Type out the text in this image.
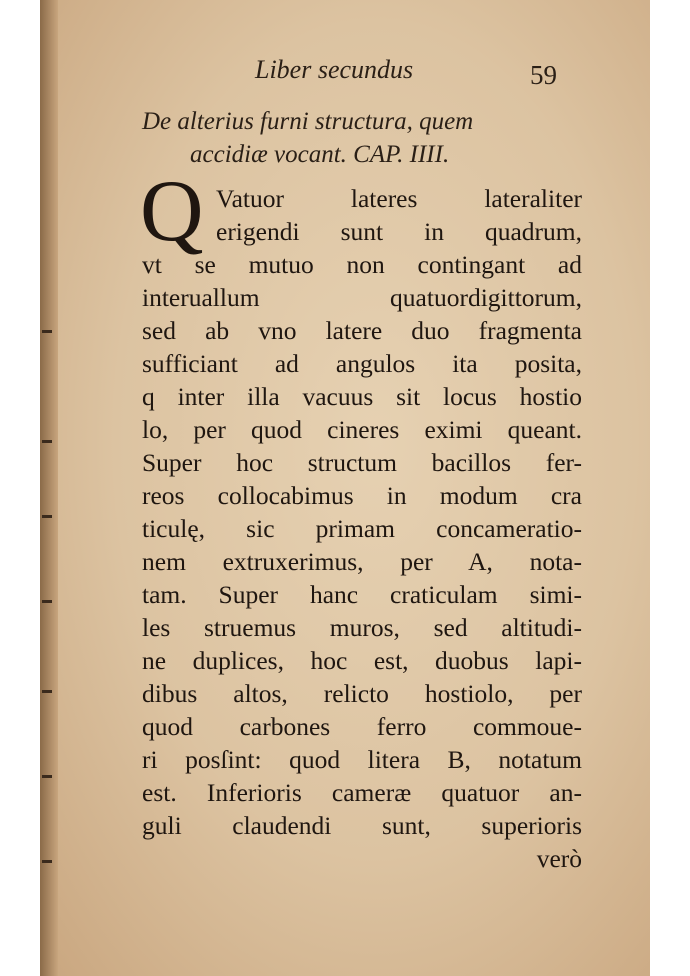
Liber secundus	59
De alterius furni structura, quem
accidiæ vocant. CAP. IIII.
Q Vatuor lateres lateraliter
erigendi sunt in quadrum,
vt se mutuo non contingant ad
interuallum quatuordigittorum,
sed ab vno latere duo fragmenta
sufficiant ad angulos ita posita,
q inter illa vacuus sit locus hostio
lo, per quod cineres eximi queant.
Super hoc structum bacillos fer-
reos collocabimus in modum cra
ticulę, sic primam concameratio-
nem extruxerimus, per A, nota-
tam. Super hanc craticulam simi-
les struemus muros, sed altitudi-
ne duplices, hoc est, duobus lapi-
dibus altos, relicto hostiolo, per
quod carbones ferro commoue-
ri posſint: quod litera B, notatum
est. Inferioris cameræ quatuor an-
guli claudendi sunt, superioris
verò
